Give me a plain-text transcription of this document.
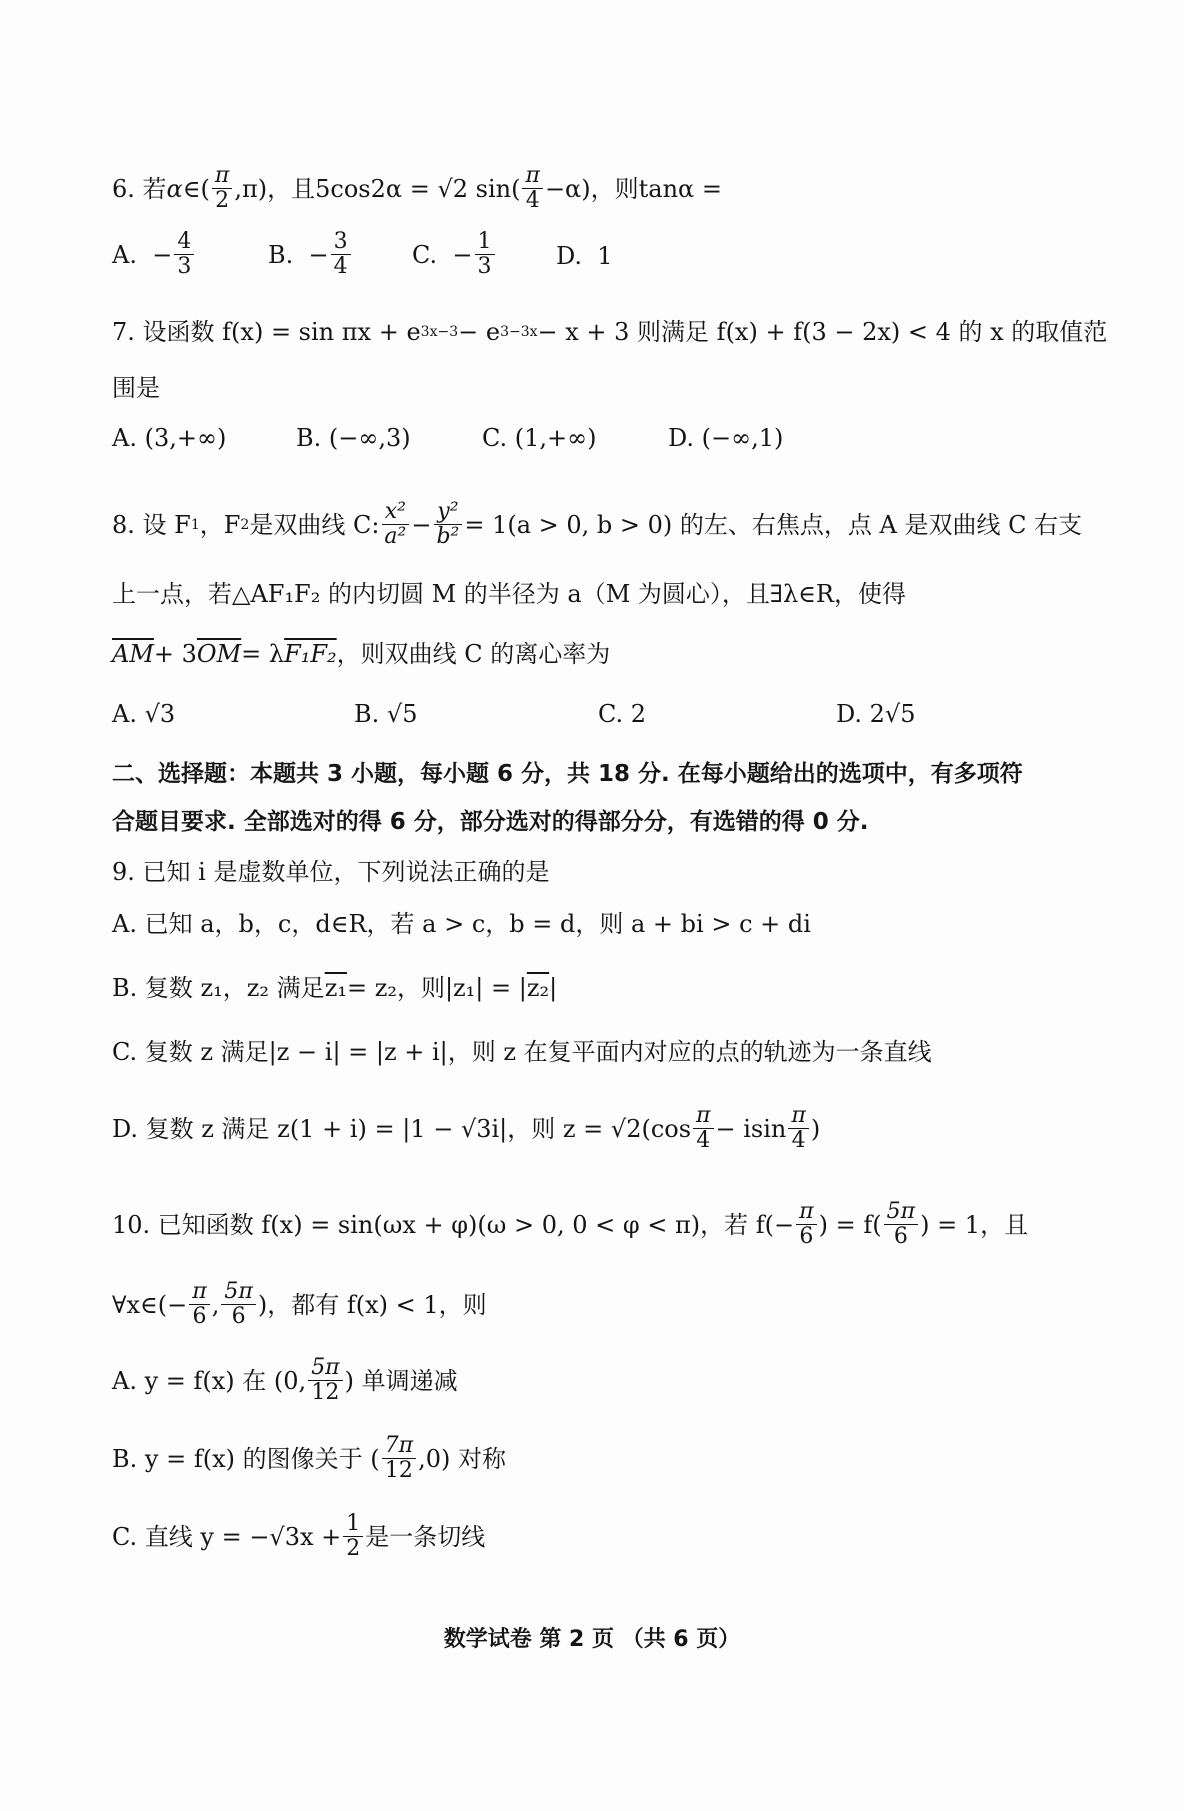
6.
若 α ∈( $\frac{\pi}{2} ,\pi$) ，且 5cos2α = √2 $\sin( \frac{\pi}{4} -\alpha)$ ，则 tanα =
A.
− $\frac{4}{3}$	B.
− $\frac{3}{4}$	C.
− $\frac{1}{3}$	D.
1
7.
设函数 f(x) = sin πx + e 3x−3 − e 3−3x − x + 3 则满足 f(x) + f(3 − 2x) < 4 的 x 的取值范
围是
A. (3,+∞)	B. (−∞,3)	C. (1,+∞)	D. (−∞,1)
8.
设 F 1 ，F 2 是双曲线 C: $\frac{\text{x²}}{\text{a²}} - \frac{\text{y²}}{\text{b²}} = 1(a > 0$, b > 0) 的左、右焦点，点 A 是双曲线 C 右支
上一点，若△AF₁F₂ 的内切圆 M 的半径为 a（M 为圆心），且∃λ∈R，使得
$\overline{AM} + 3$ $\overline{OM} = \lambda$ F₁F₂ ，则双曲线 C 的离心率为
A. √3	B. √5	C. 2	D. 2√5
二、选择题：本题共 3 小题，每小题 6 分，共 18 分. 在每小题给出的选项中，有多项符
合题目要求. 全部选对的得 6 分，部分选对的得部分分，有选错的得 0 分.
9. 已知 i 是虚数单位，下列说法正确的是
A. 已知 a，b，c，d∈R，若 a > c，b = d，则 a + bi > c + di
B. 复数 z₁，z₂ 满足 z₁ = z₂，则|z₁| = | z₂ |
C. 复数 z 满足|z − i| = |z + i|，则 z 在复平面内对应的点的轨迹为一条直线
D. 复数 z 满足 z(1 + i) = |1 − √3i|，则 $z = √2(\cos \frac{\pi}{4} - isin \frac{\pi}{4}$ )
10. 已知函数 f(x) = sin(ωx + φ)(ω > 0, 0 < φ < π)，若 $f(- \frac{\pi}{6}$ ) = $f( \frac{5\pi}{6}$ ) = 1，且
∀x∈(− $\frac{\pi}{6}$ , $\frac{5\pi}{6}$ )，都有 f(x) < 1，则
A. y = f(x) 在 (0, $\frac{5\pi}{12}$ ) 单调递减
B. y = f(x) 的图像关于 ( $\frac{7\pi}{12} ,0$) 对称
C. 直线 $y = -√3x + \frac{1}{2}$ 是一条切线
数学试卷 第 2 页 （共 6 页）
